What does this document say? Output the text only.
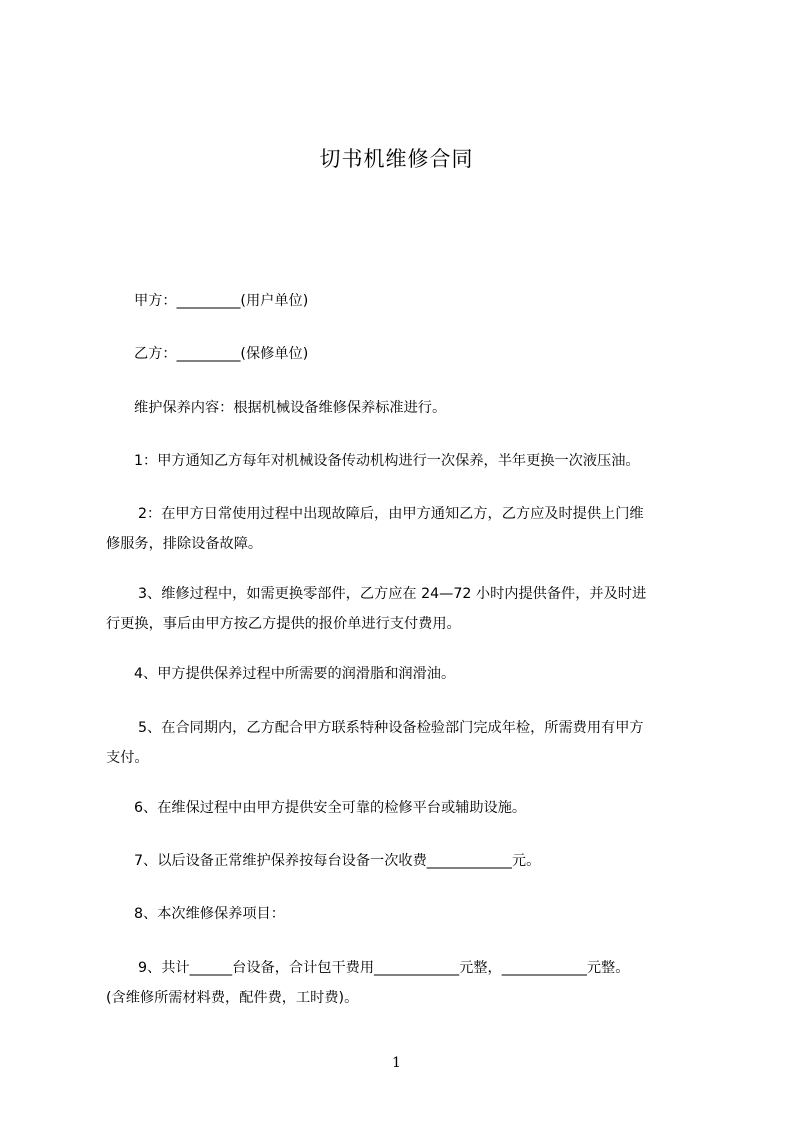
切书机维修合同

甲方：_________(用户单位)

乙方：_________(保修单位)

维护保养内容：根据机械设备维修保养标准进行。

1：甲方通知乙方每年对机械设备传动机构进行一次保养，半年更换一次液压油。

2：在甲方日常使用过程中出现故障后，由甲方通知乙方，乙方应及时提供上门维
修服务，排除设备故障。

3、维修过程中，如需更换零部件，乙方应在 24—72 小时内提供备件，并及时进
行更换，事后由甲方按乙方提供的报价单进行支付费用。

4、甲方提供保养过程中所需要的润滑脂和润滑油。

5、在合同期内，乙方配合甲方联系特种设备检验部门完成年检，所需费用有甲方
支付。

6、在维保过程中由甲方提供安全可靠的检修平台或辅助设施。

7、以后设备正常维护保养按每台设备一次收费____________元。

8、本次维修保养项目：

9、共计______台设备，合计包干费用____________元整，____________元整。
(含维修所需材料费，配件费，工时费)。

1
